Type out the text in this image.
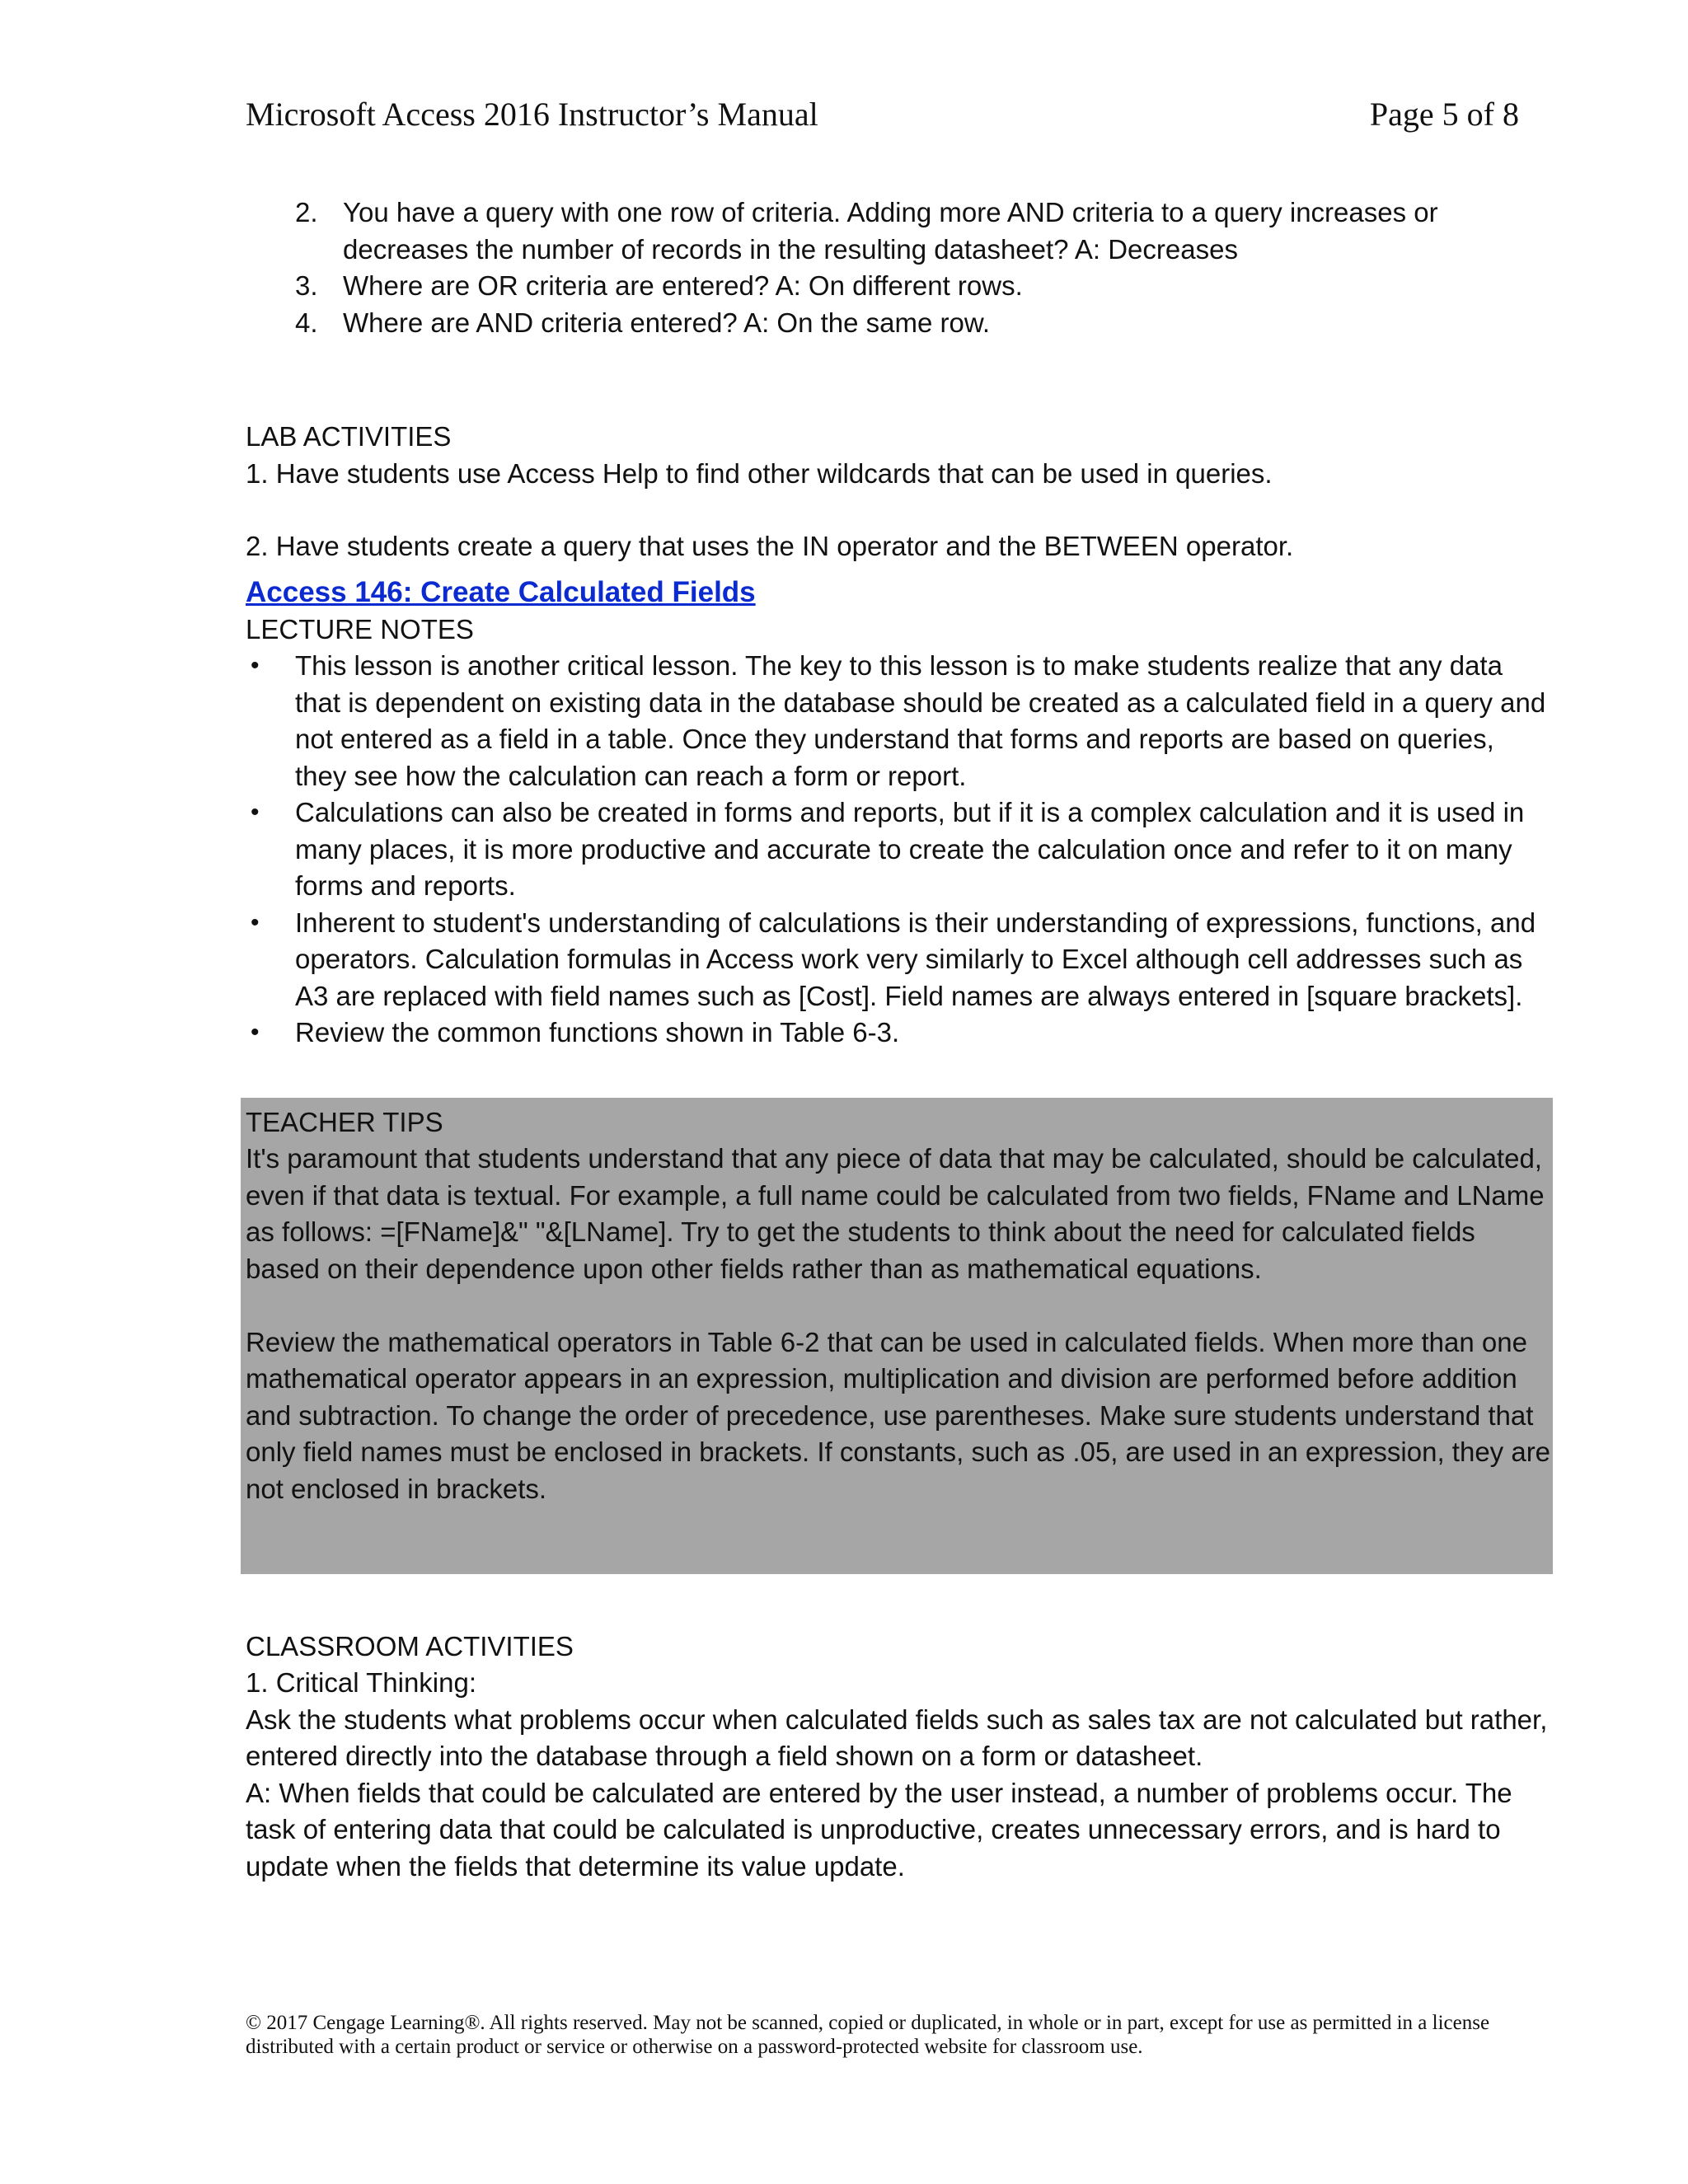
Microsoft Access 2016 Instructor’s Manual	Page 5 of 8
2. You have a query with one row of criteria. Adding more AND criteria to a query increases or decreases the number of records in the resulting datasheet? A: Decreases
3. Where are OR criteria are entered? A: On different rows.
4. Where are AND criteria entered? A: On the same row.

LAB ACTIVITIES

1. Have students use Access Help to find other wildcards that can be used in queries.

2. Have students create a query that uses the IN operator and the BETWEEN operator.

Access 146: Create Calculated Fields

LECTURE NOTES

• This lesson is another critical lesson. The key to this lesson is to make students realize that any data that is dependent on existing data in the database should be created as a calculated field in a query and not entered as a field in a table. Once they understand that forms and reports are based on queries, they see how the calculation can reach a form or report.
• Calculations can also be created in forms and reports, but if it is a complex calculation and it is used in many places, it is more productive and accurate to create the calculation once and refer to it on many forms and reports.
• Inherent to student's understanding of calculations is their understanding of expressions, functions, and operators. Calculation formulas in Access work very similarly to Excel although cell addresses such as A3 are replaced with field names such as [Cost]. Field names are always entered in [square brackets].
• Review the common functions shown in Table 6-3.

TEACHER TIPS

It's paramount that students understand that any piece of data that may be calculated, should be calculated, even if that data is textual. For example, a full name could be calculated from two fields, FName and LName as follows: =[FName]&" "&[LName]. Try to get the students to think about the need for calculated fields based on their dependence upon other fields rather than as mathematical equations.

Review the mathematical operators in Table 6-2 that can be used in calculated fields. When more than one mathematical operator appears in an expression, multiplication and division are performed before addition and subtraction. To change the order of precedence, use parentheses. Make sure students understand that only field names must be enclosed in brackets. If constants, such as .05, are used in an expression, they are not enclosed in brackets.

CLASSROOM ACTIVITIES

1. Critical Thinking:

Ask the students what problems occur when calculated fields such as sales tax are not calculated but rather, entered directly into the database through a field shown on a form or datasheet.

A: When fields that could be calculated are entered by the user instead, a number of problems occur. The task of entering data that could be calculated is unproductive, creates unnecessary errors, and is hard to update when the fields that determine its value update.

© 2017 Cengage Learning®. All rights reserved. May not be scanned, copied or duplicated, in whole or in part, except for use as permitted in a license distributed with a certain product or service or otherwise on a password-protected website for classroom use.
